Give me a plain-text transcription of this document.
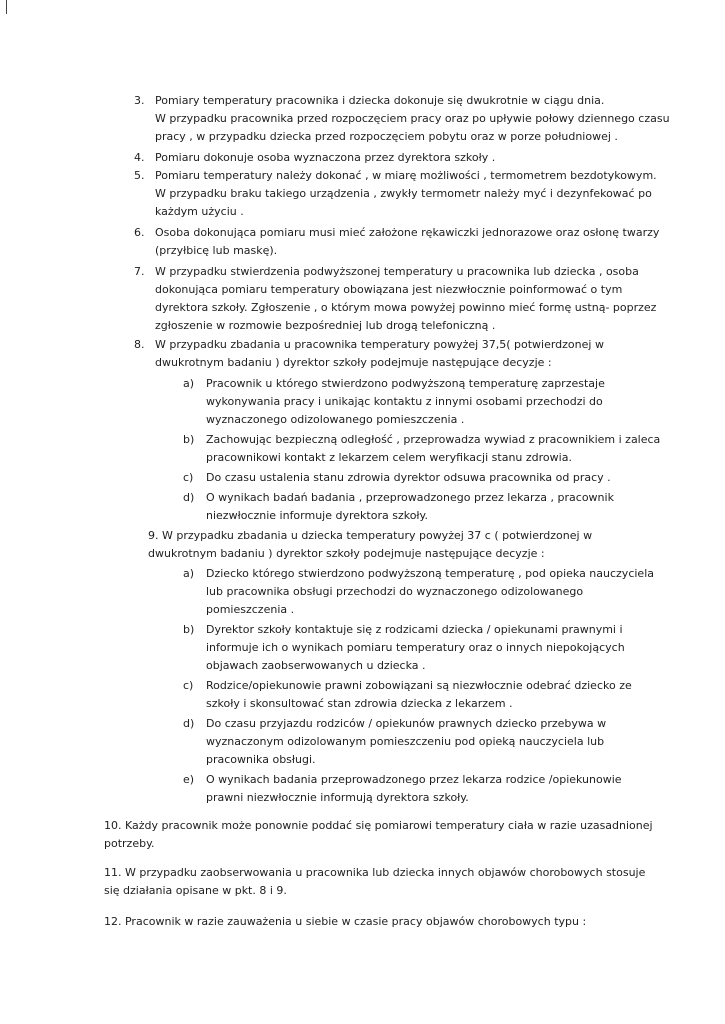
3. Pomiary temperatury pracownika i dziecka dokonuje się dwukrotnie w ciągu dnia.
W przypadku pracownika przed rozpoczęciem pracy oraz po upływie połowy dziennego czasu
pracy , w przypadku dziecka przed rozpoczęciem pobytu oraz w porze południowej .
4. Pomiaru dokonuje osoba wyznaczona przez dyrektora szkoły .
5. Pomiaru temperatury należy dokonać , w miarę możliwości , termometrem bezdotykowym.
W przypadku braku takiego urządzenia , zwykły termometr należy myć i dezynfekować po
każdym użyciu .
6. Osoba dokonująca pomiaru musi mieć założone rękawiczki jednorazowe oraz osłonę twarzy
(przyłbicę lub maskę).
7. W przypadku stwierdzenia podwyższonej temperatury u pracownika lub dziecka , osoba
dokonująca pomiaru temperatury obowiązana jest niezwłocznie poinformować o tym
dyrektora szkoły. Zgłoszenie , o którym mowa powyżej powinno mieć formę ustną- poprzez
zgłoszenie w rozmowie bezpośredniej lub drogą telefoniczną .
8. W przypadku zbadania u pracownika temperatury powyżej 37,5( potwierdzonej w
dwukrotnym badaniu ) dyrektor szkoły podejmuje następujące decyzje :
a) Pracownik u którego stwierdzono podwyższoną temperaturę zaprzestaje
wykonywania pracy i unikając kontaktu z innymi osobami przechodzi do
wyznaczonego odizolowanego pomieszczenia .
b) Zachowując bezpieczną odległość , przeprowadza wywiad z pracownikiem i zaleca
pracownikowi kontakt z lekarzem celem weryfikacji stanu zdrowia.
c) Do czasu ustalenia stanu zdrowia dyrektor odsuwa pracownika od pracy .
d) O wynikach badań badania , przeprowadzonego przez lekarza , pracownik
niezwłocznie informuje dyrektora szkoły.
9. W przypadku zbadania u dziecka temperatury powyżej 37 c ( potwierdzonej w
dwukrotnym badaniu ) dyrektor szkoły podejmuje następujące decyzje :
a) Dziecko którego stwierdzono podwyższoną temperaturę , pod opieka nauczyciela
lub pracownika obsługi przechodzi do wyznaczonego odizolowanego
pomieszczenia .
b) Dyrektor szkoły kontaktuje się z rodzicami dziecka / opiekunami prawnymi i
informuje ich o wynikach pomiaru temperatury oraz o innych niepokojących
objawach zaobserwowanych u dziecka .
c) Rodzice/opiekunowie prawni zobowiązani są niezwłocznie odebrać dziecko ze
szkoły i skonsultować stan zdrowia dziecka z lekarzem .
d) Do czasu przyjazdu rodziców / opiekunów prawnych dziecko przebywa w
wyznaczonym odizolowanym pomieszczeniu pod opieką nauczyciela lub
pracownika obsługi.
e) O wynikach badania przeprowadzonego przez lekarza rodzice /opiekunowie
prawni niezwłocznie informują dyrektora szkoły.
10. Każdy pracownik może ponownie poddać się pomiarowi temperatury ciała w razie uzasadnionej
potrzeby.
11. W przypadku zaobserwowania u pracownika lub dziecka innych objawów chorobowych stosuje
się działania opisane w pkt. 8 i 9.
12. Pracownik w razie zauważenia u siebie w czasie pracy objawów chorobowych typu :
